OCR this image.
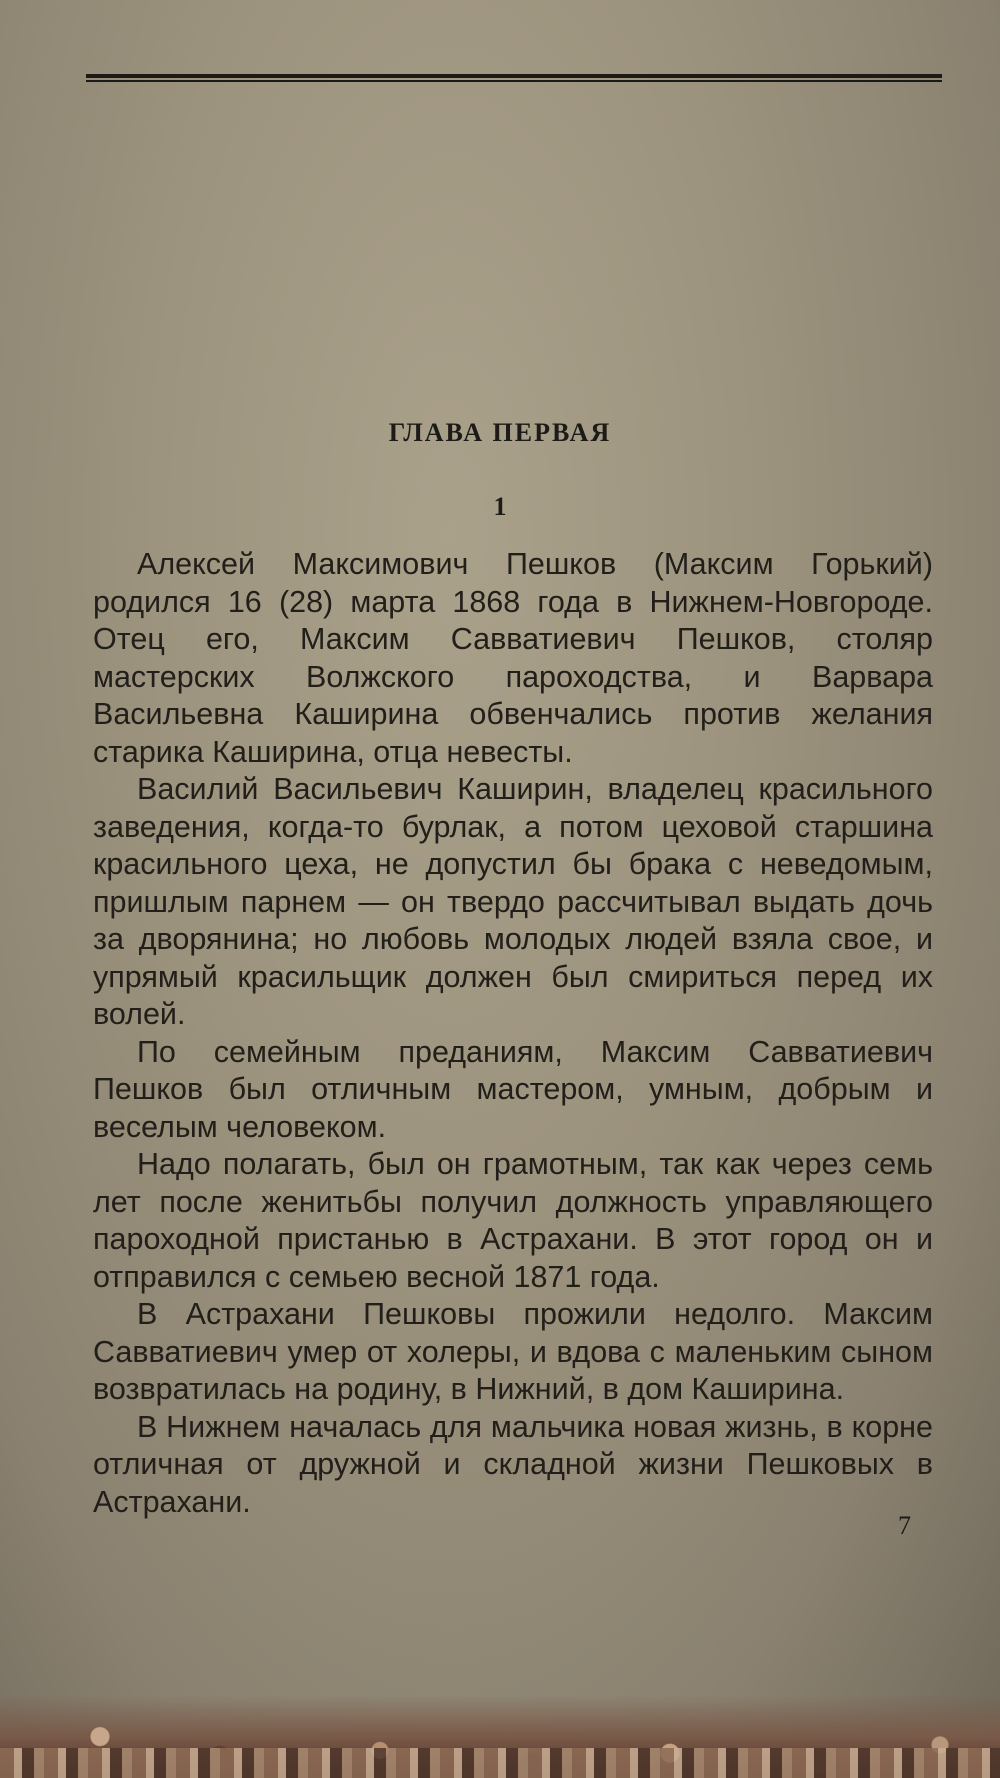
ГЛАВА ПЕРВАЯ
1

Алексей Максимович Пешков (Максим Горький) родился 16 (28) марта 1868 года в Нижнем-Новгороде. Отец его, Максим Савватиевич Пешков, столяр мастерских Волжского пароходства, и Варвара Васильевна Каширина обвенчались против желания старика Каширина, отца невесты.

Василий Васильевич Каширин, владелец красильного заведения, когда-то бурлак, а потом цеховой старшина красильного цеха, не допустил бы брака с неведомым, пришлым парнем — он твердо рассчитывал выдать дочь за дворянина; но любовь молодых людей взяла свое, и упрямый красильщик должен был смириться перед их волей.

По семейным преданиям, Максим Савватиевич Пешков был отличным мастером, умным, добрым и веселым человеком.

Надо полагать, был он грамотным, так как через семь лет после женитьбы получил должность управляющего пароходной пристанью в Астрахани. В этот город он и отправился с семьею весной 1871 года.

В Астрахани Пешковы прожили недолго. Максим Савватиевич умер от холеры, и вдова с маленьким сыном возвратилась на родину, в Нижний, в дом Каширина.

В Нижнем началась для мальчика новая жизнь, в корне отличная от дружной и складной жизни Пешковых в Астрахани.

7
